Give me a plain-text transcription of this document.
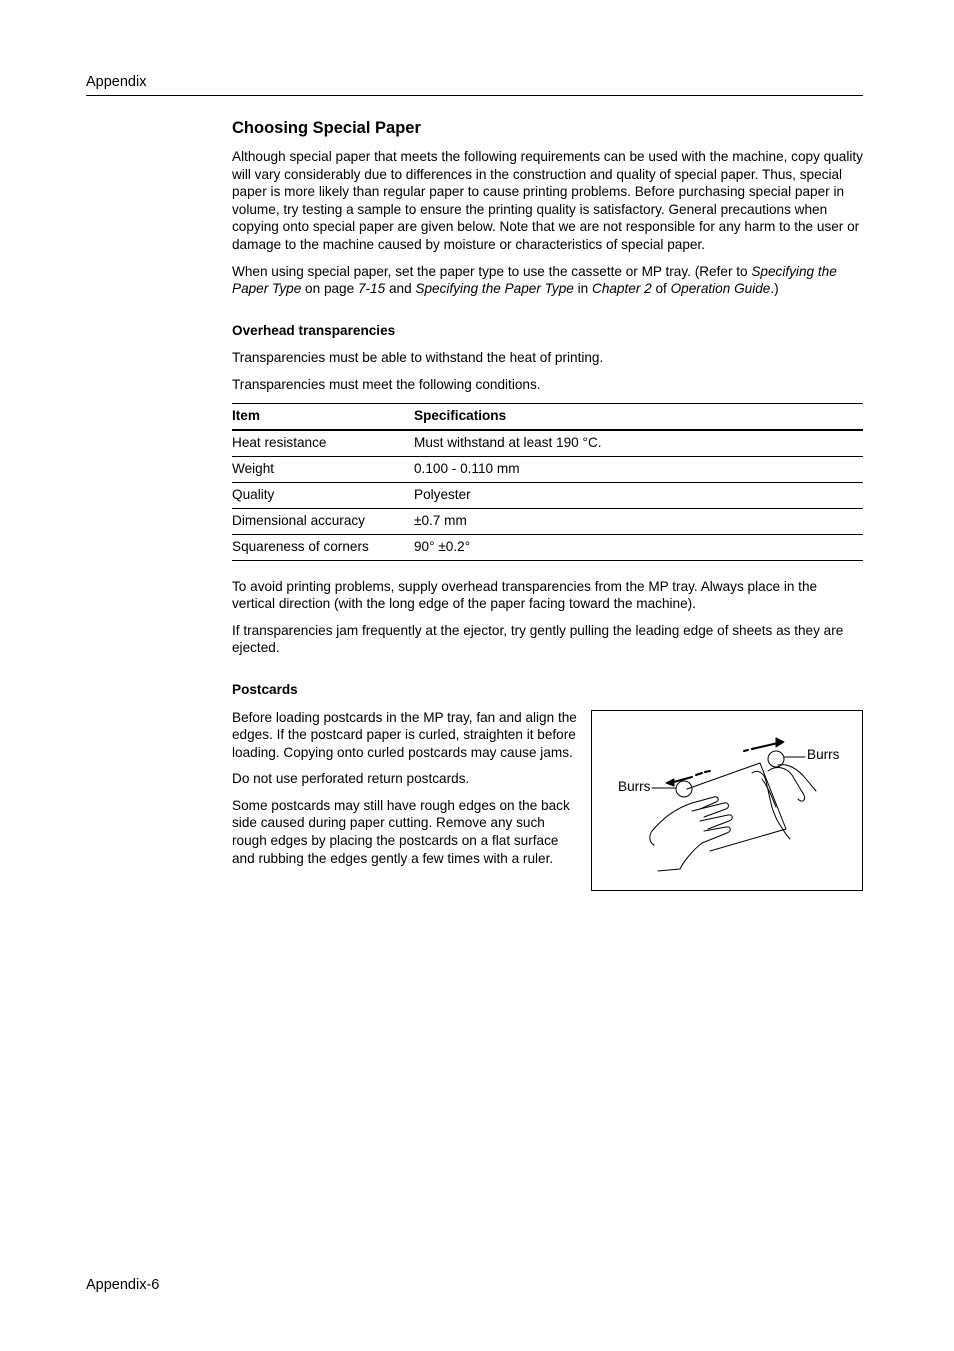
Appendix
Choosing Special Paper

Although special paper that meets the following requirements can be used with the machine, copy quality will vary considerably due to differences in the construction and quality of special paper. Thus, special paper is more likely than regular paper to cause printing problems. Before purchasing special paper in volume, try testing a sample to ensure the printing quality is satisfactory. General precautions when copying onto special paper are given below. Note that we are not responsible for any harm to the user or damage to the machine caused by moisture or characteristics of special paper.

When using special paper, set the paper type to use the cassette or MP tray. (Refer to Specifying the Paper Type on page 7-15 and Specifying the Paper Type in Chapter 2 of Operation Guide.)

Overhead transparencies

Transparencies must be able to withstand the heat of printing.

Transparencies must meet the following conditions.

Item	Specifications
Heat resistance	Must withstand at least 190 °C.
Weight	0.100 - 0.110 mm
Quality	Polyester
Dimensional accuracy	±0.7 mm
Squareness of corners	90° ±0.2°

To avoid printing problems, supply overhead transparencies from the MP tray. Always place in the vertical direction (with the long edge of the paper facing toward the machine).

If transparencies jam frequently at the ejector, try gently pulling the leading edge of sheets as they are ejected.

Postcards

Before loading postcards in the MP tray, fan and align the edges. If the postcard paper is curled, straighten it before loading. Copying onto curled postcards may cause jams.

Do not use perforated return postcards.

Some postcards may still have rough edges on the back side caused during paper cutting. Remove any such rough edges by placing the postcards on a flat surface and rubbing the edges gently a few times with a ruler.

Burrs
Burrs
Appendix-6
